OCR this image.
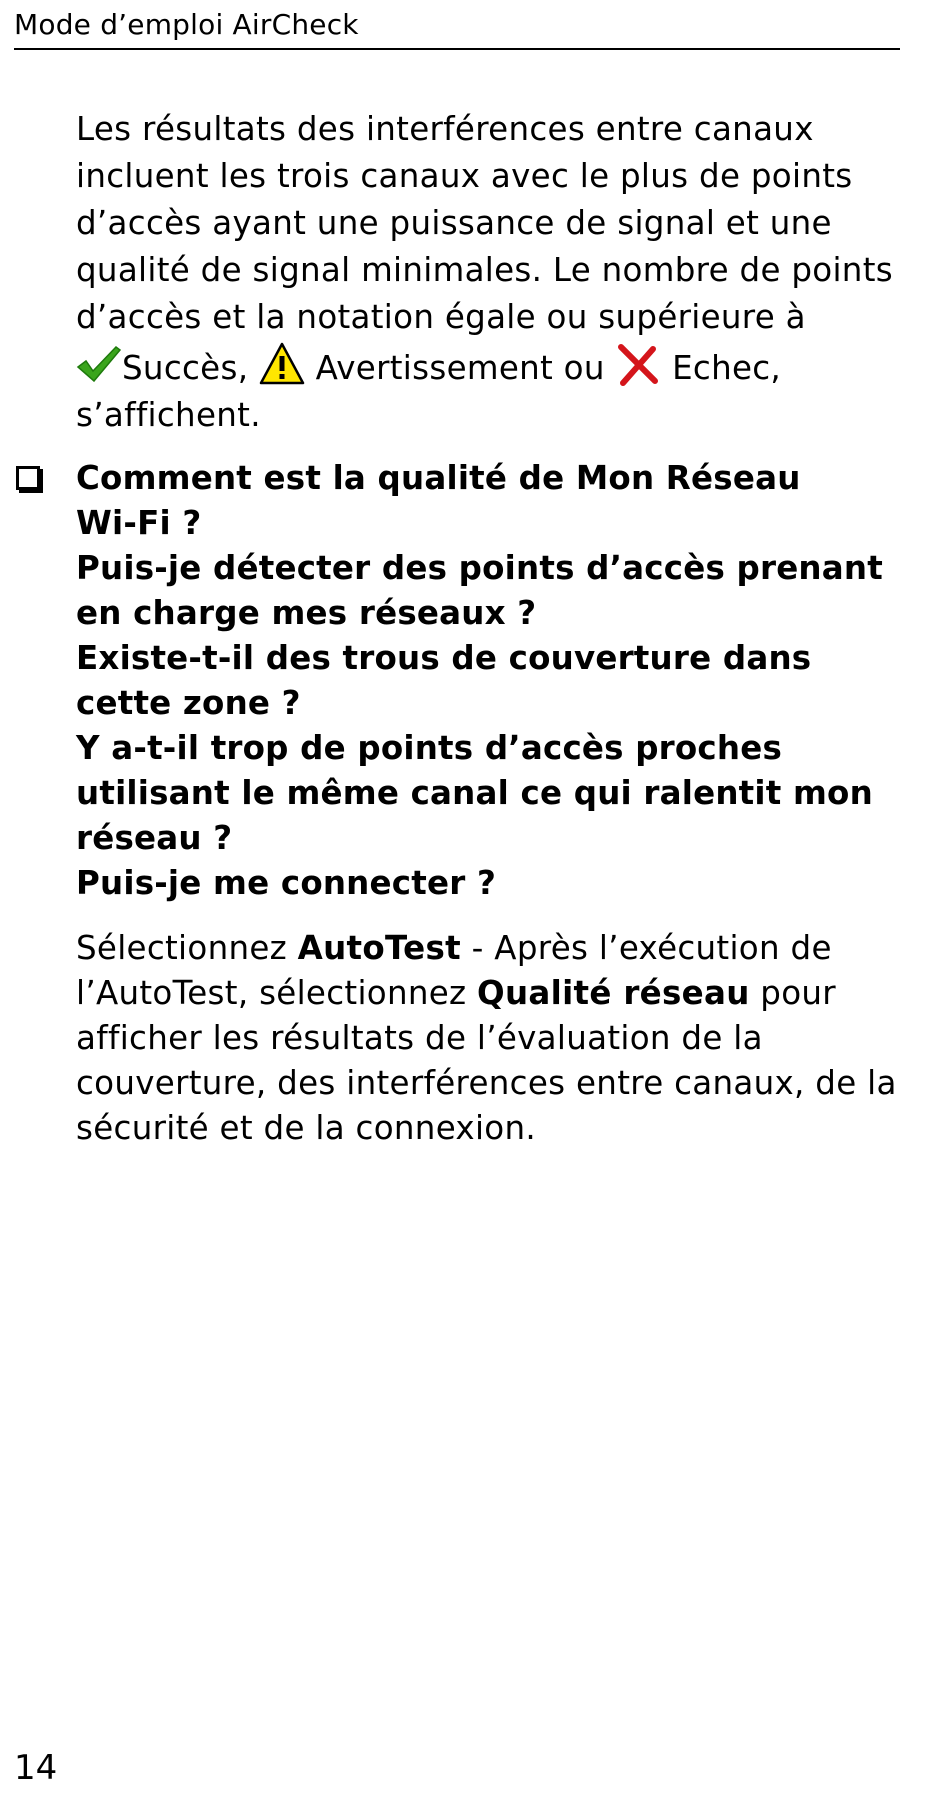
Mode d’emploi AirCheck
Les résultats des interférences entre canaux
incluent les trois canaux avec le plus de points
d’accès ayant une puissance de signal et une
qualité de signal minimales. Le nombre de points
d’accès et la notation égale ou supérieure à
Succès, Avertissement ou Echec,
s’affichent.
Comment est la qualité de Mon Réseau
Wi-Fi ?
Puis-je détecter des points d’accès prenant
en charge mes réseaux ?
Existe-t-il des trous de couverture dans
cette zone ?
Y a-t-il trop de points d’accès proches
utilisant le même canal ce qui ralentit mon
réseau ?
Puis-je me connecter ?
Sélectionnez AutoTest - Après l’exécution de
l’AutoTest, sélectionnez Qualité réseau pour
afficher les résultats de l’évaluation de la
couverture, des interférences entre canaux, de la
sécurité et de la connexion.
14
